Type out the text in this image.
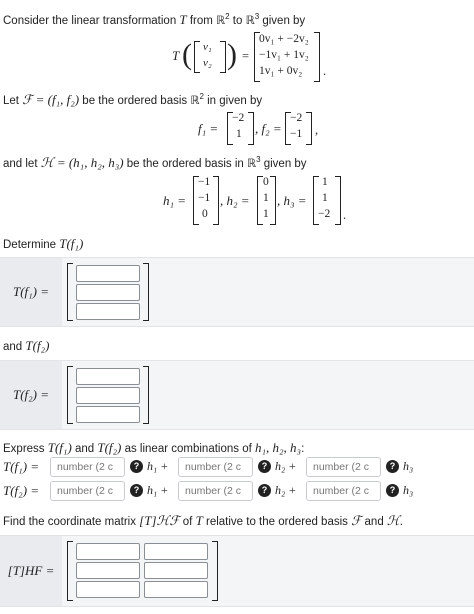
Consider the linear transformation T from ℝ$^2$ to ℝ$^3$ given by
T ( v₁
v₂ ) =
0v₁ + −2v₂
−1v₁ + 1v₂
1v₁ + 0v₂ .
Let ℱ = (f₁, f₂) be the ordered basis ℝ$^2$ in given by
f₁ =
−2
1 , f₂ =
−2
−1 ,
and let ℋ = (h₁, h₂, h₃) be the ordered basis in ℝ$^3$ given by
h₁ =
−1
−1
0
, h₂ =
0
1
1
, h₃ =
1
1
−2 .
Determine T(f₁)
T(f₁) =
and T(f₂)
T(f₂) =
Express T(f₁) and T(f₂) as linear combinations of h₁, h₂, h₃:
T(f₁) =	number (2 c	? h₁ +	number (2 c	? h₂ +	number (2 c	? h₃
T(f₂) =	number (2 c	? h₁ +	number (2 c	? h₂ +	number (2 c	? h₃
Find the coordinate matrix [T]ℋℱ of T relative to the ordered basis ℱ and ℋ.
[T]HF =
